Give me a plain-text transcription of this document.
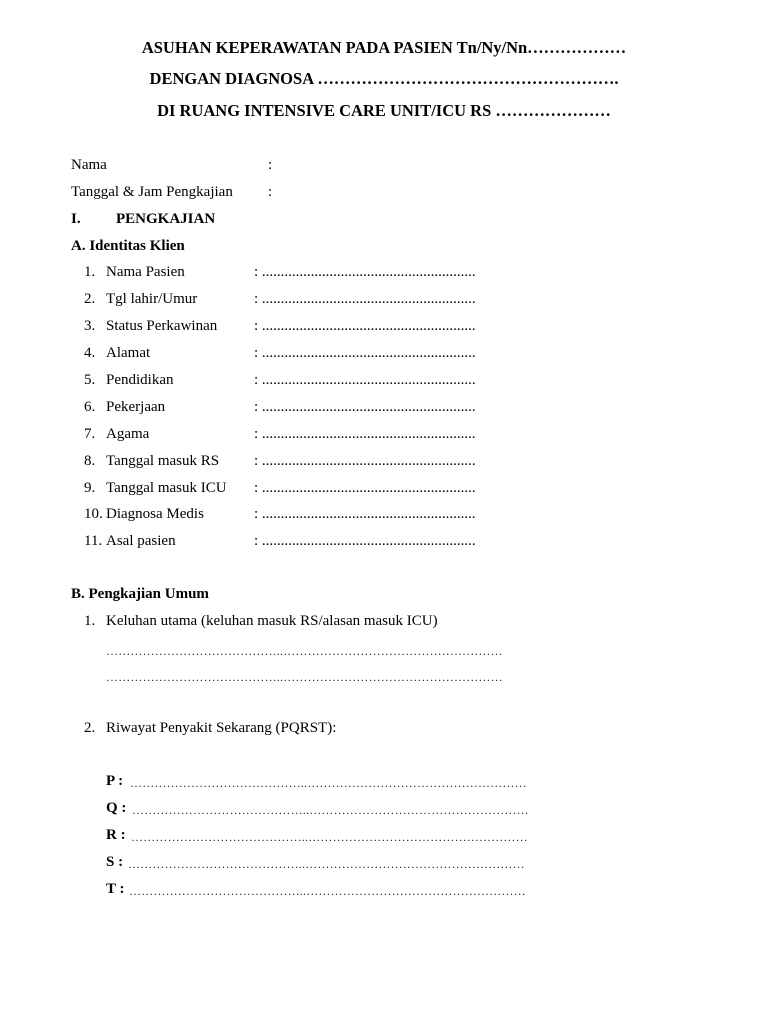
ASUHAN KEPERAWATAN PADA PASIEN Tn/Ny/Nn………………
DENGAN DIAGNOSA ……………………………………………….
DI RUANG INTENSIVE CARE UNIT/ICU RS …………………
Nama	:
Tanggal & Jam Pengkajian :
I. PENGKAJIAN
A. Identitas Klien
1. Nama Pasien	: .........................................................
2. Tgl lahir/Umur	: .........................................................
3. Status Perkawinan : .........................................................
4. Alamat	: .........................................................
5. Pendidikan	: .........................................................
6. Pekerjaan	: .........................................................
7. Agama	: .........................................................
8. Tanggal masuk RS : .........................................................
9. Tanggal masuk ICU : .........................................................
10. Diagnosa Medis	: .........................................................
11. Asal pasien	: .........................................................
B. Pengkajian Umum
1. Keluhan utama (keluhan masuk RS/alasan masuk ICU)
……………………………………..………………………………………………
……………………………………..………………………………………………
2. Riwayat Penyakit Sekarang (PQRST):
P : ……………………………………..………………………………………………
Q : ……………………………………..………………………………………………
R : ……………………………………..………………………………………………
S : ……………………………………..………………………………………………
T : ……………………………………..………………………………………………
